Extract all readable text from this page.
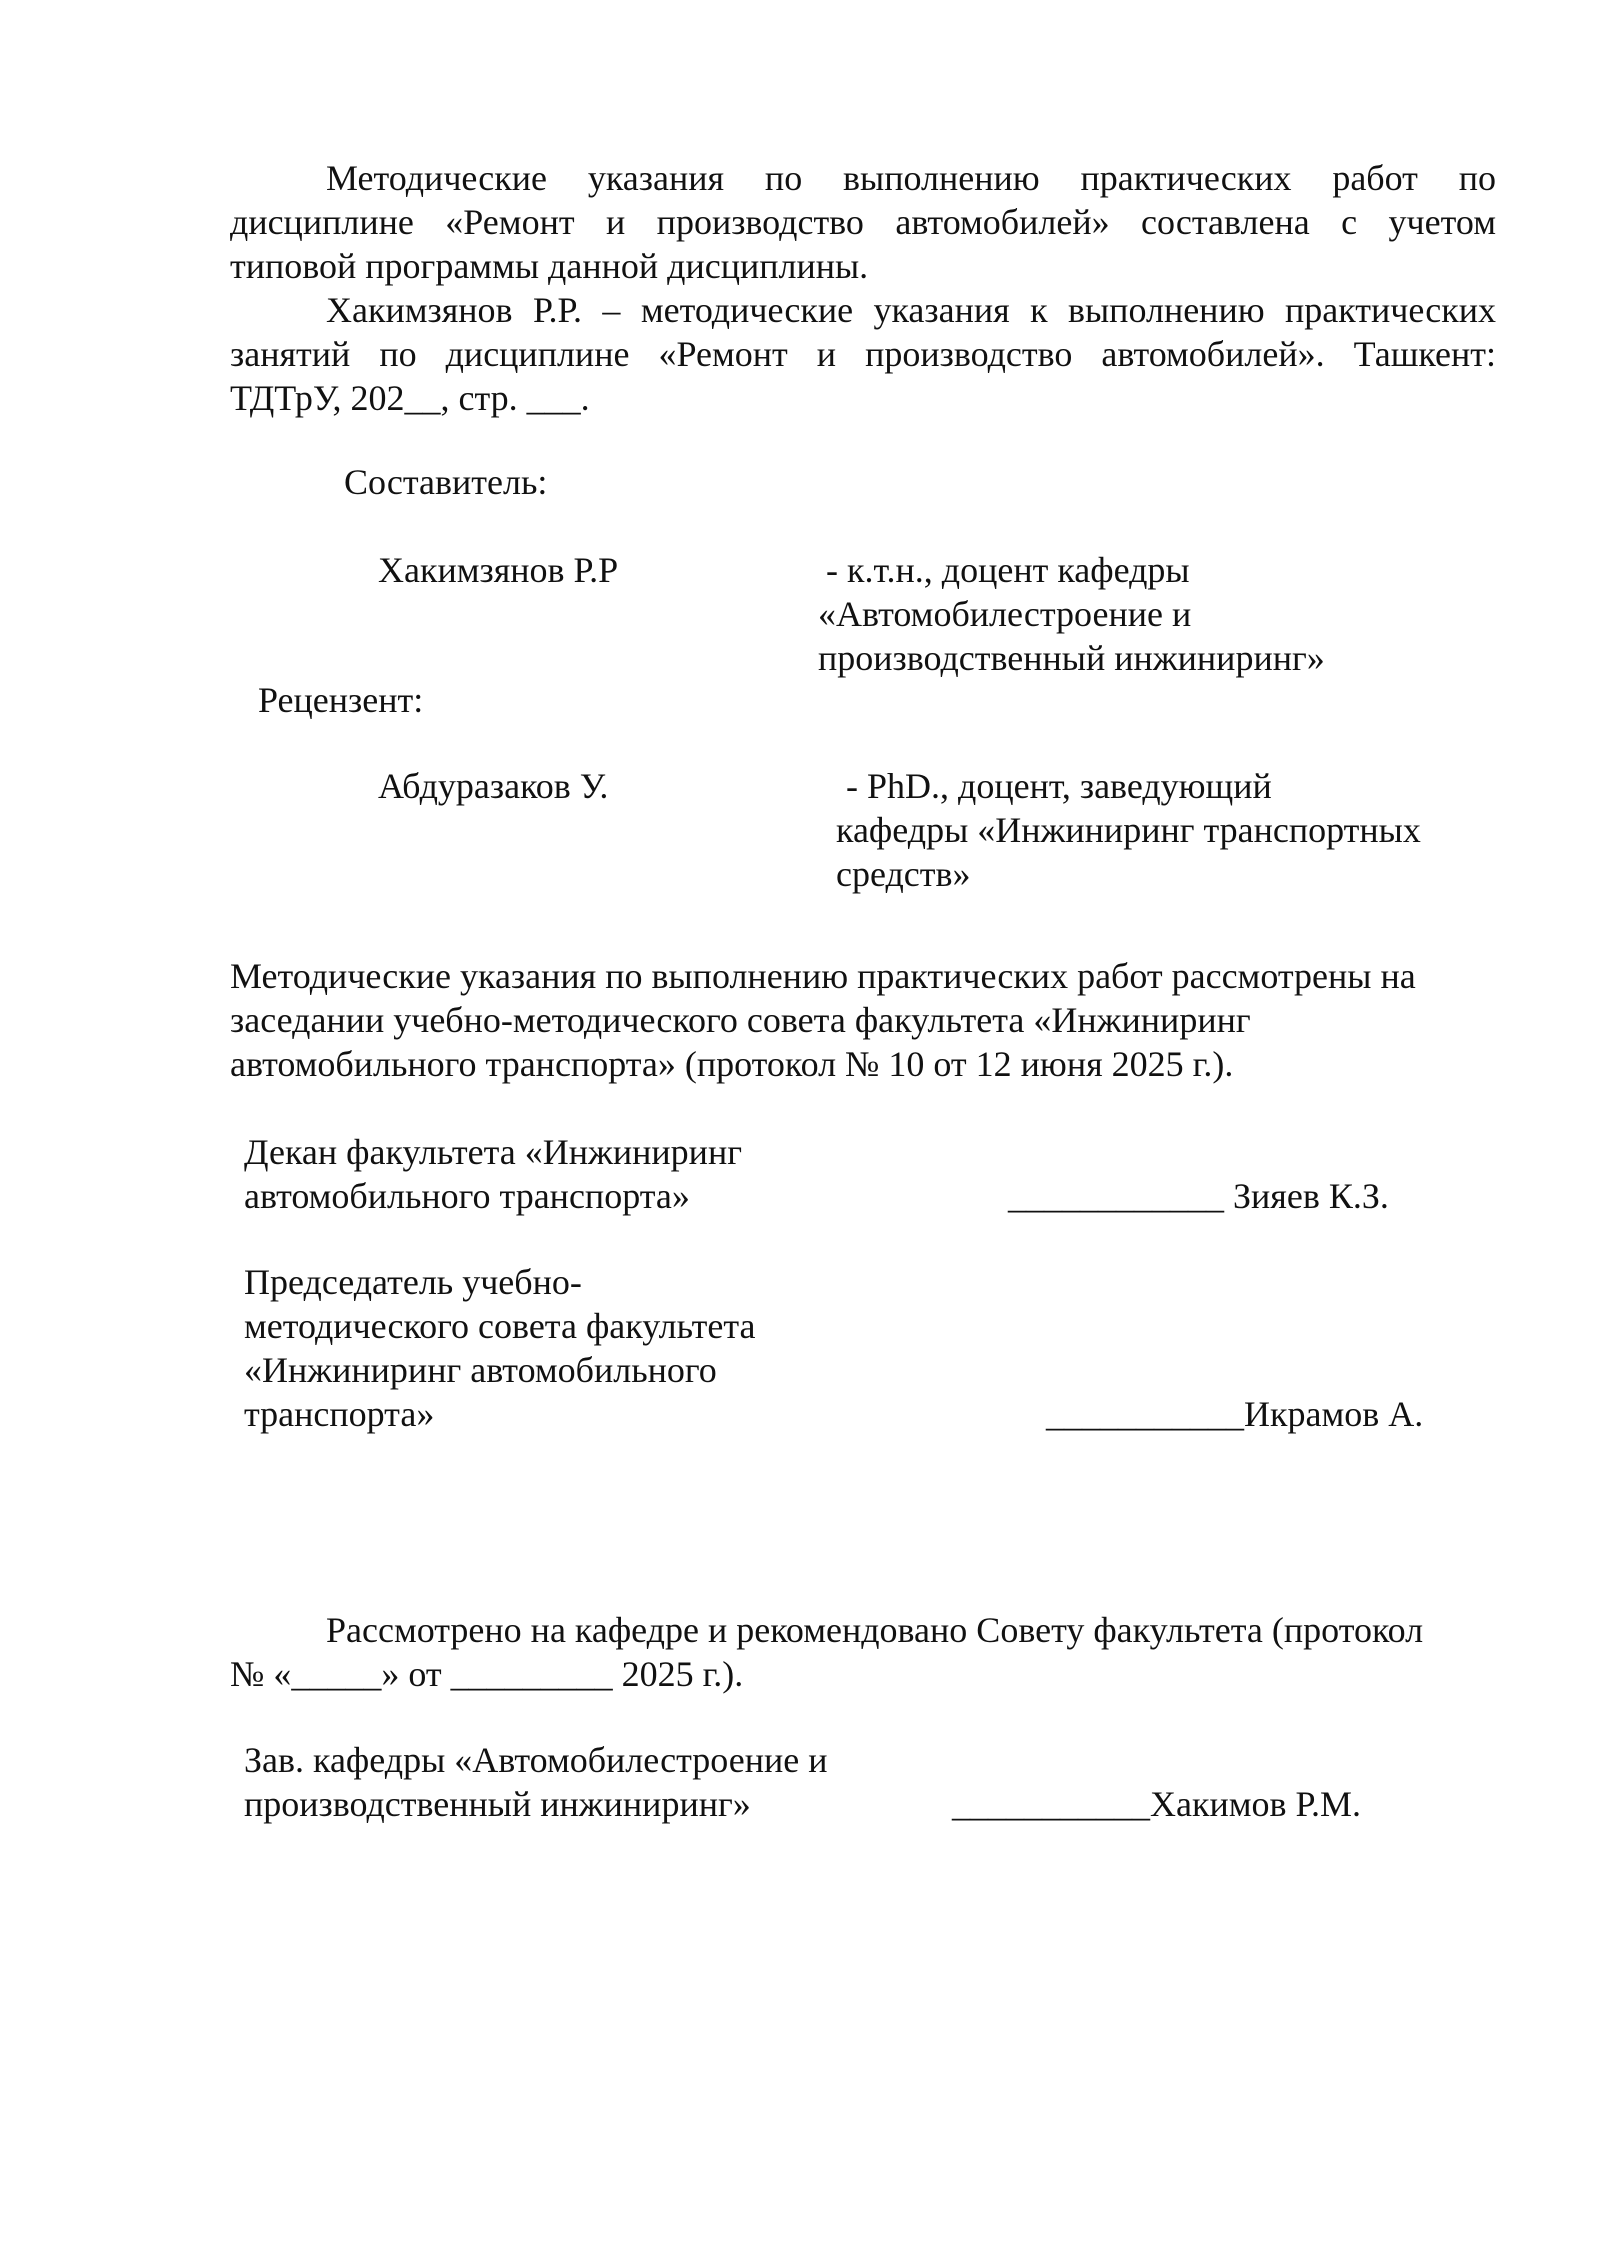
Методические указания по выполнению практических работ по
дисциплине «Ремонт и производство автомобилей» составлена с учетом
типовой программы данной дисциплины.
Хакимзянов Р.Р. – методические указания к выполнению практических
занятий по дисциплине «Ремонт и производство автомобилей». Ташкент:
ТДТрУ, 202__, стр. ___.
Составитель:
Хакимзянов Р.Р	- к.т.н., доцент кафедры
«Автомобилестроение и
производственный инжиниринг»
Рецензент:
Абдуразаков У.	- PhD., доцент, заведующий
кафедры «Инжиниринг транспортных
средств»
Методические указания по выполнению практических работ рассмотрены на
заседании учебно-методического совета факультета «Инжиниринг
автомобильного транспорта» (протокол № 10 от 12 июня 2025 г.).
Декан факультета «Инжиниринг
автомобильного транспорта»	____________ Зияев К.З.
Председатель учебно-
методического совета факультета
«Инжиниринг автомобильного
транспорта»	___________Икрамов А.
Рассмотрено на кафедре и рекомендовано Совету факультета (протокол
№ «_____» от _________ 2025 г.).
Зав. кафедры «Автомобилестроение и
производственный инжиниринг»	___________Хакимов Р.М.
